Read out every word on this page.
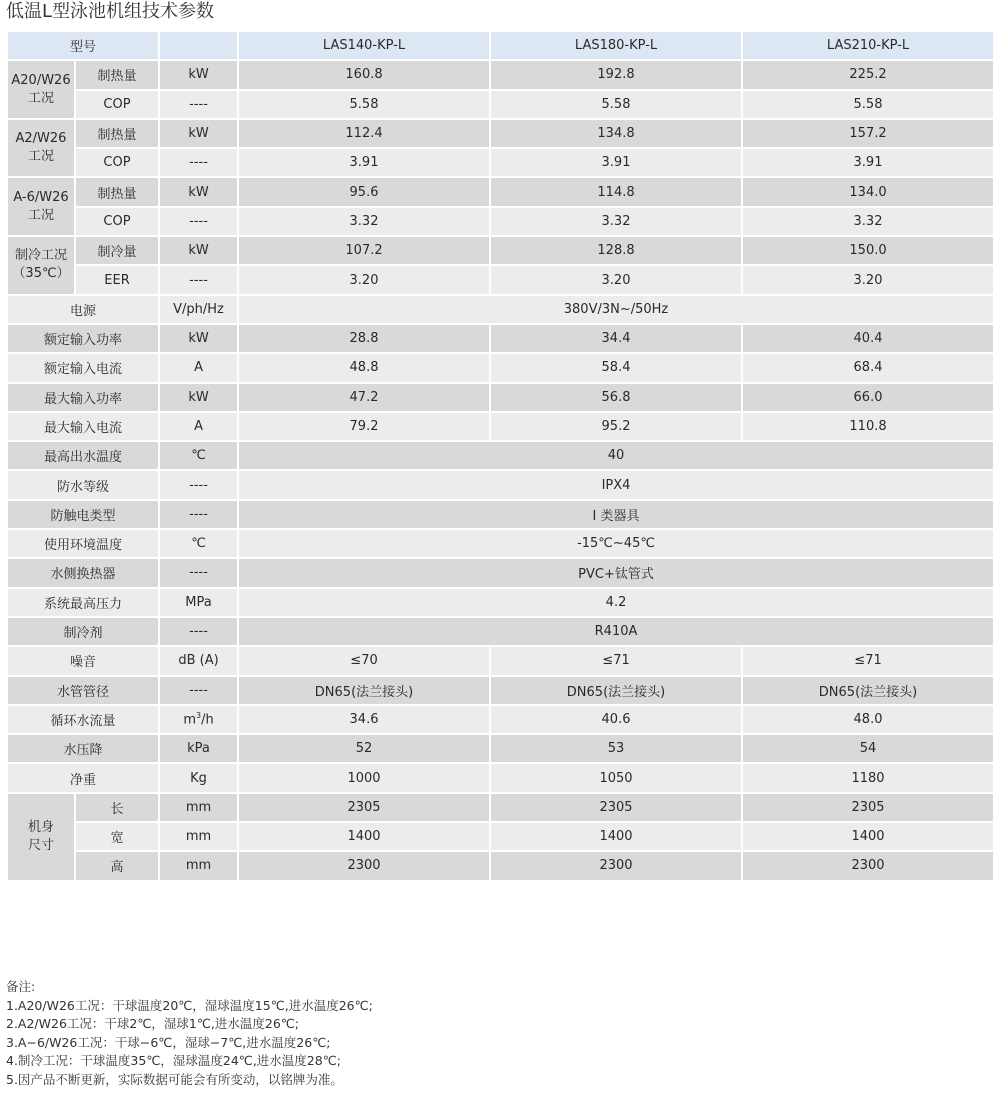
低温L型泳池机组技术参数
型号			LAS140-KP-L	LAS180-KP-L	LAS210-KP-L
A20/W26
工况	制热量	kW	160.8	192.8	225.2
	COP	----	5.58	5.58	5.58
A2/W26
工况	制热量	kW	112.4	134.8	157.2
	COP	----	3.91	3.91	3.91
A-6/W26
工况	制热量	kW	95.6	114.8	134.0
	COP	----	3.32	3.32	3.32
制冷工况
（35℃）	制冷量	kW	107.2	128.8	150.0
	EER	----	3.20	3.20	3.20
电源		V/ph/Hz	380V/3N~/50Hz		
额定输入功率		kW	28.8	34.4	40.4
额定输入电流		A	48.8	58.4	68.4
最大输入功率		kW	47.2	56.8	66.0
最大输入电流		A	79.2	95.2	110.8
最高出水温度		℃	40		
防水等级		----	IPX4		
防触电类型		----	I 类器具		
使用环境温度		℃	-15℃~45℃		
水侧换热器		----	PVC+钛管式		
系统最高压力		MPa	4.2		
制冷剂		----	R410A		
噪音		dB (A)	≤70	≤71	≤71
水管管径		----	DN65(法兰接头)	DN65(法兰接头)	DN65(法兰接头)
循环水流量		$m^3/h$	34.6	40.6	48.0
水压降		kPa	52	53	54
净重		Kg	1000	1050	1180
机身
尺寸	长	mm	2305	2305	2305
	宽	mm	1400	1400	1400
	高	mm	2300	2300	2300
备注:
1.A20/W26工况：干球温度20℃，湿球温度15℃,进水温度26℃;
2.A2/W26工况：干球2℃，湿球1℃,进水温度26℃;
3.A−6/W26工况：干球−6℃，湿球−7℃,进水温度26℃;
4.制冷工况：干球温度35℃，湿球温度24℃,进水温度28℃;
5.因产品不断更新，实际数据可能会有所变动，以铭牌为准。
